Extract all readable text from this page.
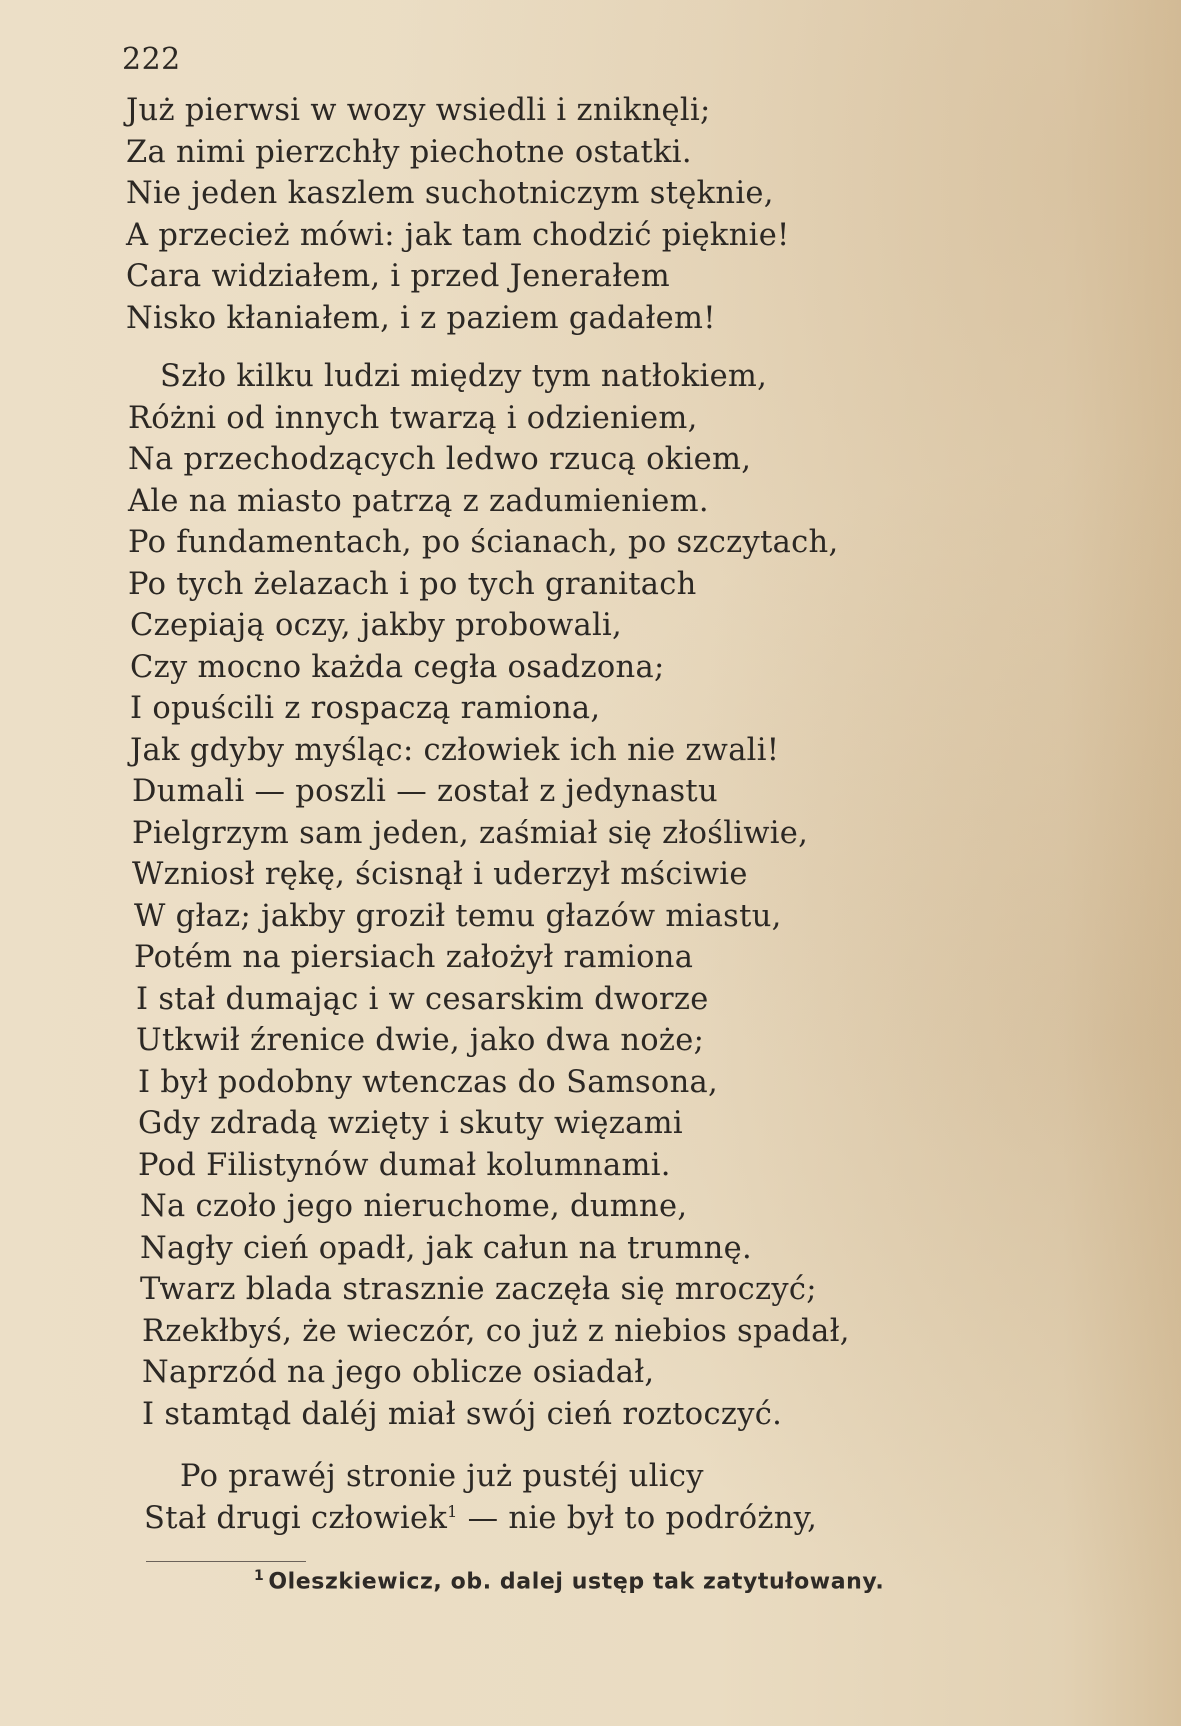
222
Już pierwsi w wozy wsiedli i zniknęli;
Za nimi pierzchły piechotne ostatki.
Nie jeden kaszlem suchotniczym stęknie,
A przecież mówi: jak tam chodzić pięknie!
Cara widziałem, i przed Jenerałem
Nisko kłaniałem, i z paziem gadałem!
Szło kilku ludzi między tym natłokiem,
Różni od innych twarzą i odzieniem,
Na przechodzących ledwo rzucą okiem,
Ale na miasto patrzą z zadumieniem.
Po fundamentach, po ścianach, po szczytach,
Po tych żelazach i po tych granitach
Czepiają oczy, jakby probowali,
Czy mocno każda cegła osadzona;
I opuścili z rospaczą ramiona,
Jak gdyby myśląc: człowiek ich nie zwali!
Dumali — poszli — został z jedynastu
Pielgrzym sam jeden, zaśmiał się złośliwie,
Wzniosł rękę, ścisnął i uderzył mściwie
W głaz; jakby groził temu głazów miastu,
Potém na piersiach założył ramiona
I stał dumając i w cesarskim dworze
Utkwił źrenice dwie, jako dwa noże;
I był podobny wtenczas do Samsona,
Gdy zdradą wzięty i skuty więzami
Pod Filistynów dumał kolumnami.
Na czoło jego nieruchome, dumne,
Nagły cień opadł, jak całun na trumnę.
Twarz blada strasznie zaczęła się mroczyć;
Rzekłbyś, że wieczór, co już z niebios spadał,
Naprzód na jego oblicze osiadał,
I stamtąd daléj miał swój cień roztoczyć.
Po prawéj stronie już pustéj ulicy
Stał drugi człowiek$^1$ — nie był to podróżny,
$^1$ Oleszkiewicz, ob. dalej ustęp tak zatytułowany.
